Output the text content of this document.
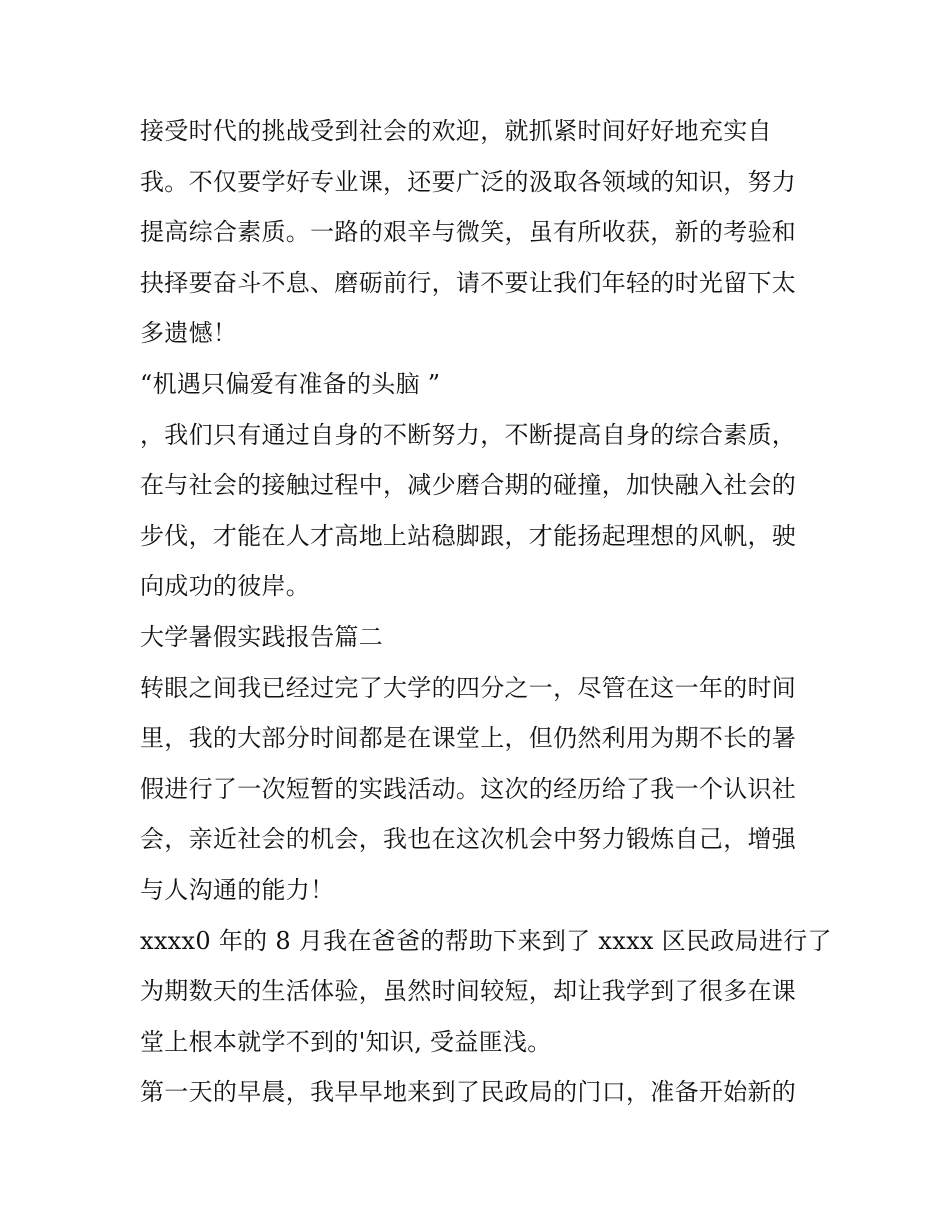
接受时代的挑战受到社会的欢迎，就抓紧时间好好地充实自
我。不仅要学好专业课，还要广泛的汲取各领域的知识，努力
提高综合素质。一路的艰辛与微笑，虽有所收获，新的考验和
抉择要奋斗不息、磨砺前行，请不要让我们年轻的时光留下太
多遗憾！
“机遇只偏爱有准备的头脑 ”
，我们只有通过自身的不断努力，不断提高自身的综合素质，
在与社会的接触过程中，减少磨合期的碰撞，加快融入社会的
步伐，才能在人才高地上站稳脚跟，才能扬起理想的风帆，驶
向成功的彼岸。
大学暑假实践报告篇二
转眼之间我已经过完了大学的四分之一，尽管在这一年的时间
里，我的大部分时间都是在课堂上，但仍然利用为期不长的暑
假进行了一次短暂的实践活动。这次的经历给了我一个认识社
会，亲近社会的机会，我也在这次机会中努力锻炼自己，增强
与人沟通的能力！
xxxx0 年的 8 月我在爸爸的帮助下来到了 xxxx 区民政局进行了
为期数天的生活体验，虽然时间较短，却让我学到了很多在课
堂上根本就学不到的'知识, 受益匪浅。
第一天的早晨，我早早地来到了民政局的门口，准备开始新的
